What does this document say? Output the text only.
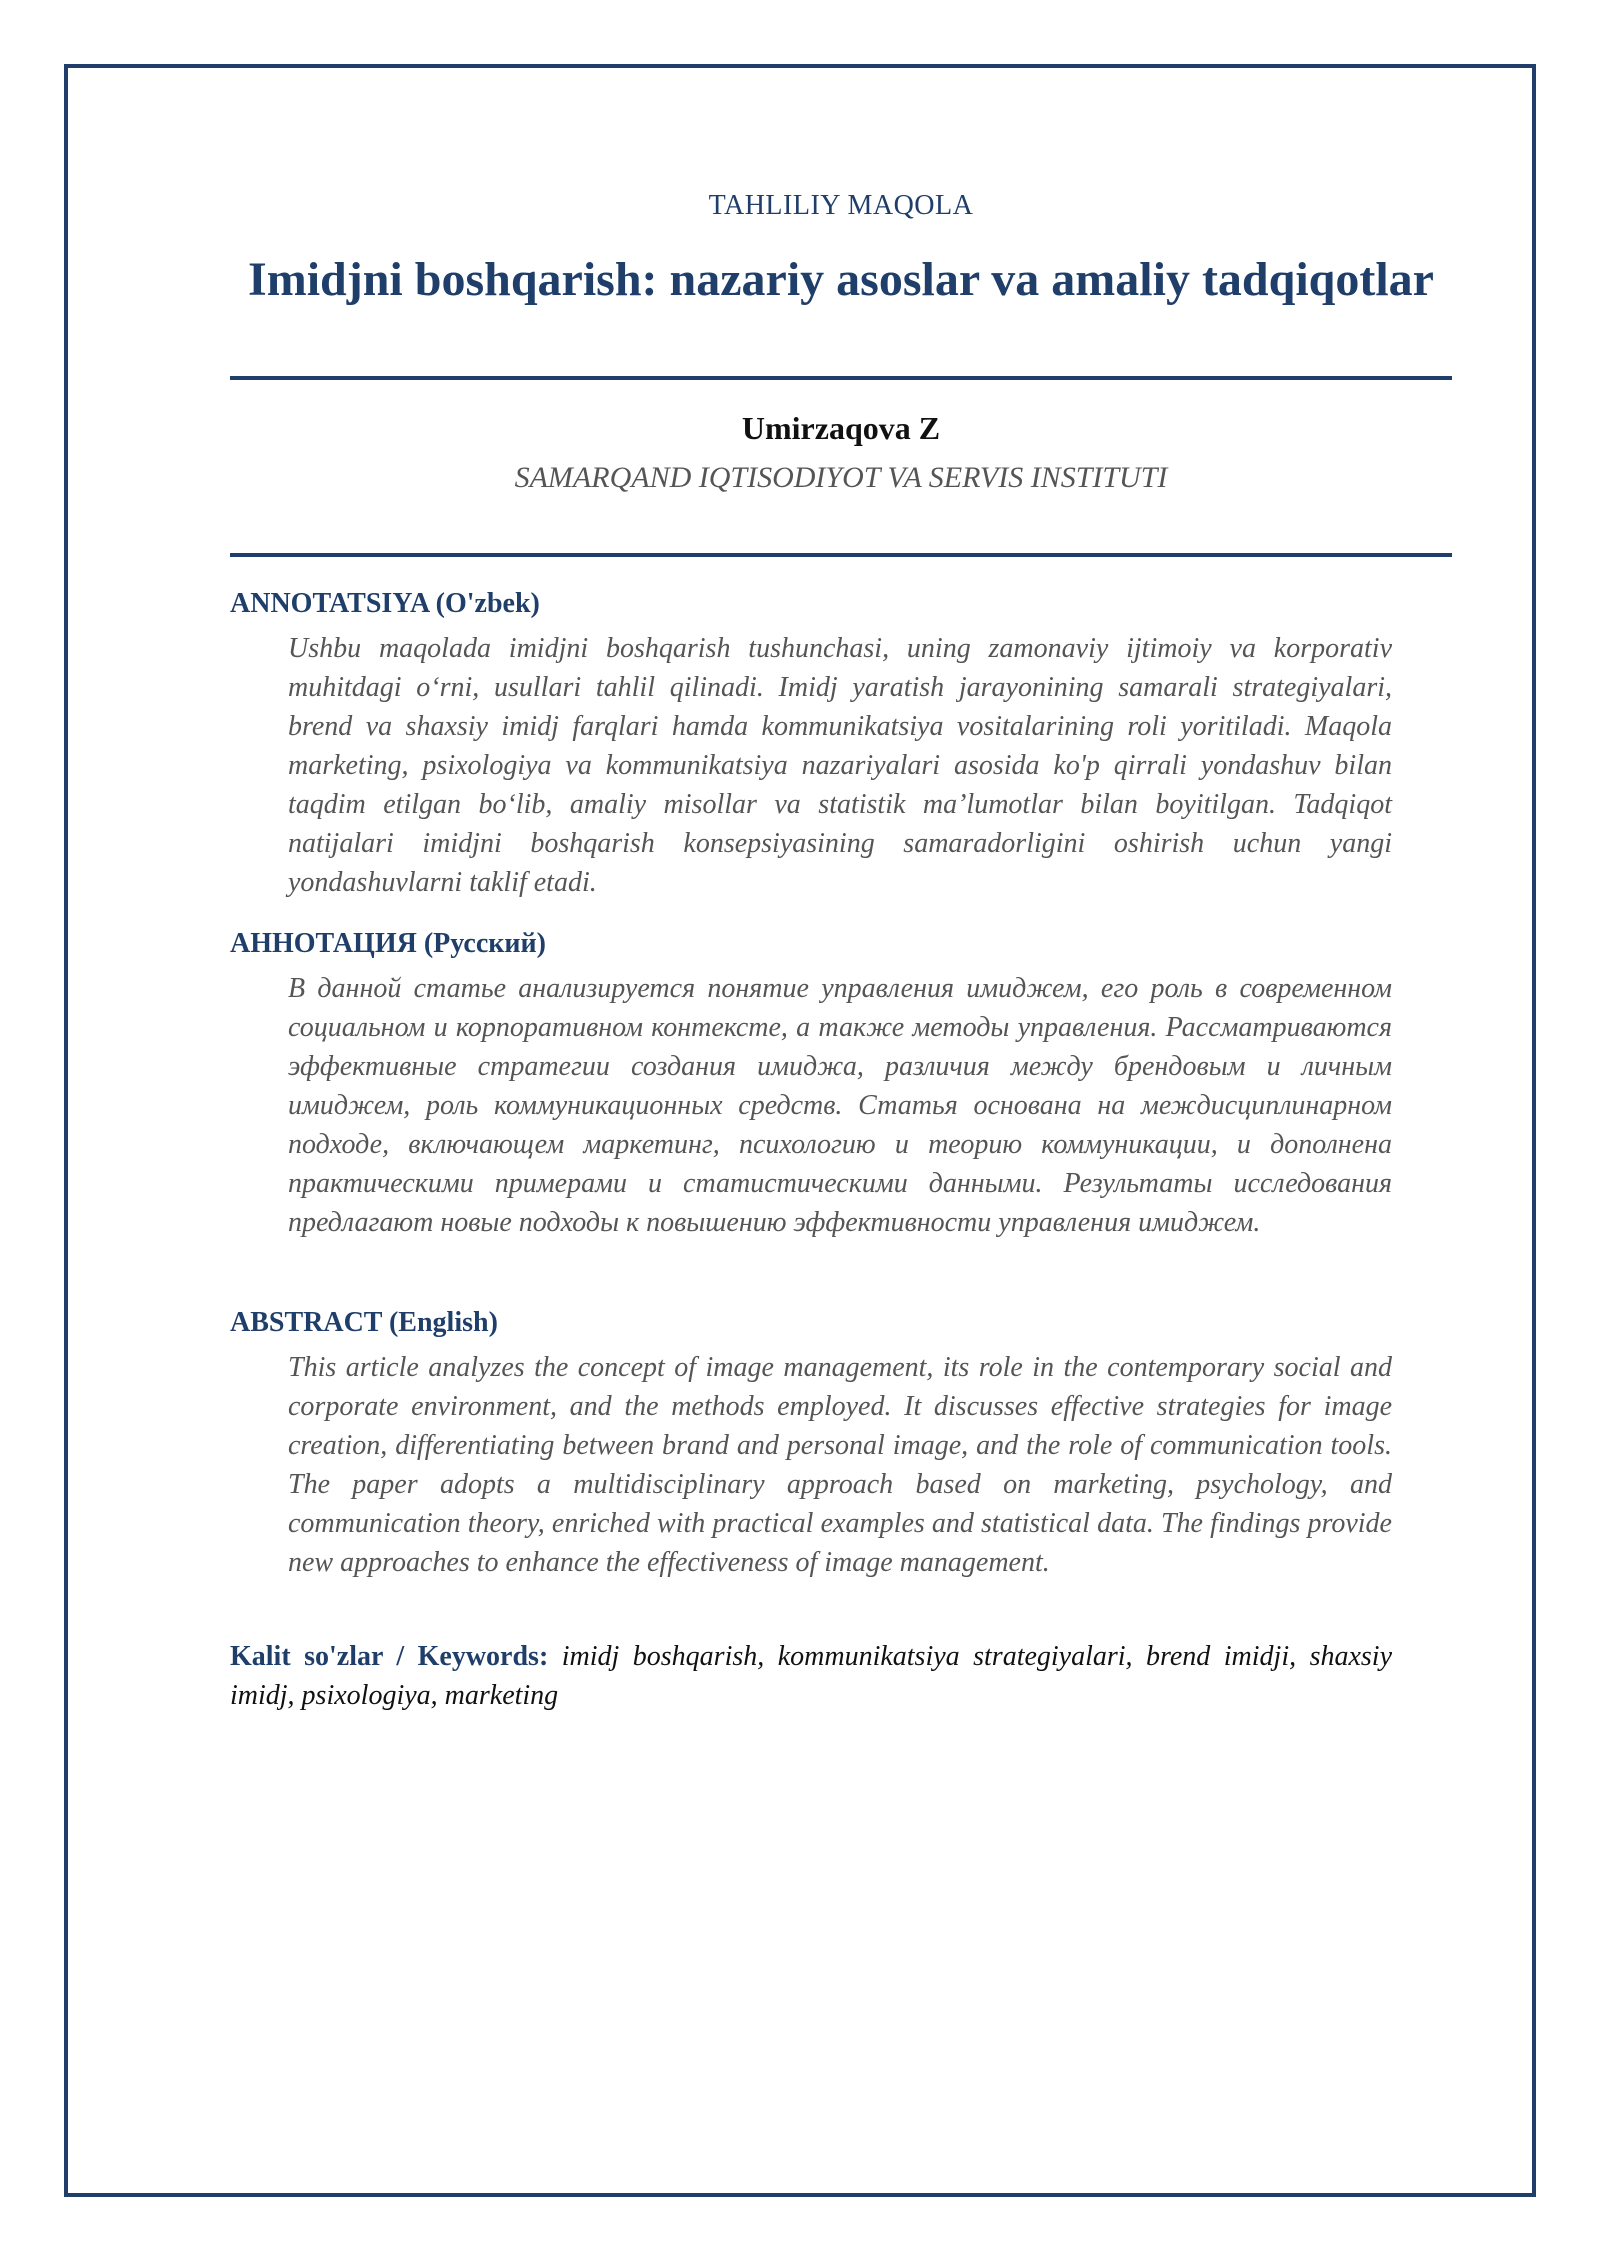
TAHLILIY MAQOLA
Imidjni boshqarish: nazariy asoslar va amaliy tadqiqotlar
Umirzaqova Z
SAMARQAND IQTISODIYOT VA SERVIS INSTITUTI
ANNOTATSIYA (O'zbek)

Ushbu maqolada imidjni boshqarish tushunchasi, uning zamonaviy ijtimoiy va korporativ muhitdagi o‘rni, usullari tahlil qilinadi. Imidj yaratish jarayonining samarali strategiyalari, brend va shaxsiy imidj farqlari hamda kommunikatsiya vositalarining roli yoritiladi. Maqola marketing, psixologiya va kommunikatsiya nazariyalari asosida ko'p qirrali yondashuv bilan taqdim etilgan bo‘lib, amaliy misollar va statistik ma’lumotlar bilan boyitilgan. Tadqiqot natijalari imidjni boshqarish konsepsiyasining samaradorligini oshirish uchun yangi yondashuvlarni taklif etadi.

АННОТАЦИЯ (Русский)

В данной статье анализируется понятие управления имиджем, его роль в современном социальном и корпоративном контексте, а также методы управления. Рассматриваются эффективные стратегии создания имиджа, различия между брендовым и личным имиджем, роль коммуникационных средств. Статья основана на междисциплинарном подходе, включающем маркетинг, психологию и теорию коммуникации, и дополнена практическими примерами и статистическими данными. Результаты исследования предлагают новые подходы к повышению эффективности управления имиджем.

ABSTRACT (English)

This article analyzes the concept of image management, its role in the contemporary social and corporate environment, and the methods employed. It discusses effective strategies for image creation, differentiating between brand and personal image, and the role of communication tools. The paper adopts a multidisciplinary approach based on marketing, psychology, and communication theory, enriched with practical examples and statistical data. The findings provide new approaches to enhance the effectiveness of image management.

Kalit so'zlar / Keywords: imidj boshqarish, kommunikatsiya strategiyalari, brend imidji, shaxsiy imidj, psixologiya, marketing
